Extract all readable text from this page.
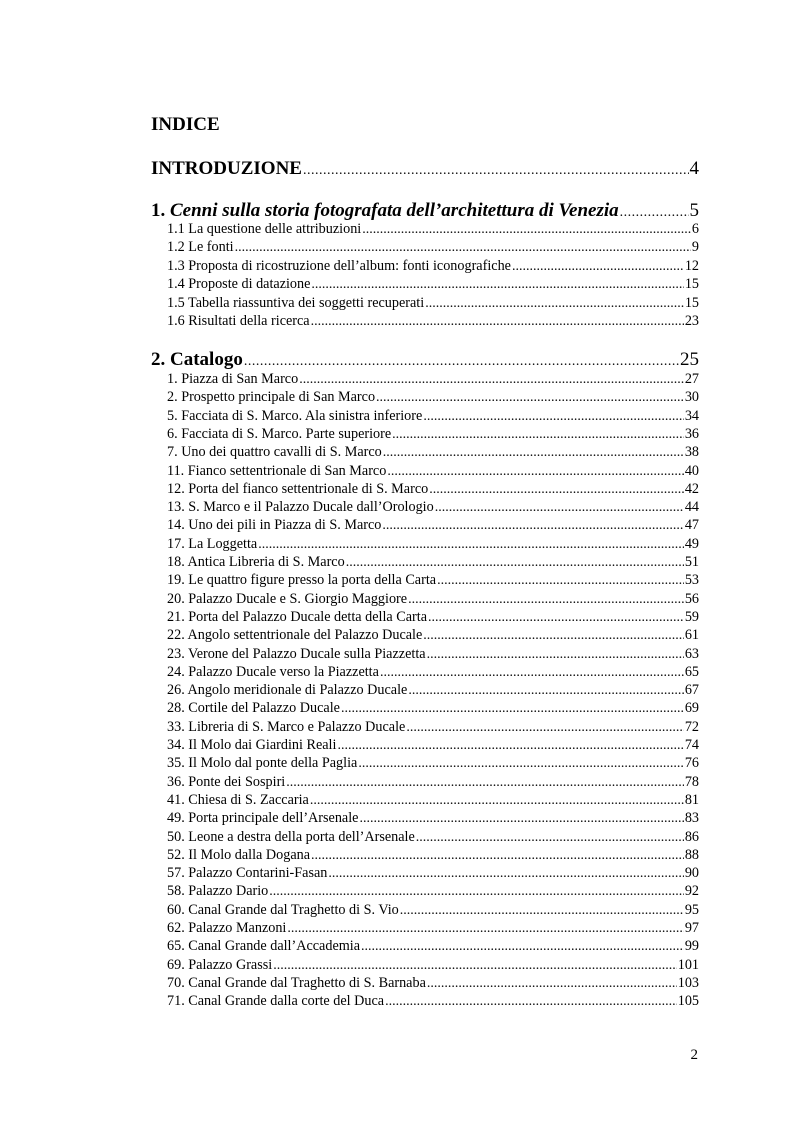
INDICE
INTRODUZIONE .....	4
1. Cenni sulla storia fotografata dell’architettura di Venezia .....	5
1.1 La questione delle attribuzioni .....	6
1.2 Le fonti .....	9
1.3 Proposta di ricostruzione dell’album: fonti iconografiche .....	12
1.4 Proposte di datazione .....	15
1.5 Tabella riassuntiva dei soggetti recuperati .....	15
1.6 Risultati della ricerca .....	23
2. Catalogo .....	25
1. Piazza di San Marco .....	27
2. Prospetto principale di San Marco .....	30
5. Facciata di S. Marco. Ala sinistra inferiore .....	34
6. Facciata di S. Marco. Parte superiore .....	36
7. Uno dei quattro cavalli di S. Marco .....	38
11. Fianco settentrionale di San Marco .....	40
12. Porta del fianco settentrionale di S. Marco .....	42
13. S. Marco e il Palazzo Ducale dall’Orologio .....	44
14. Uno dei pili in Piazza di S. Marco .....	47
17. La Loggetta .....	49
18. Antica Libreria di S. Marco .....	51
19. Le quattro figure presso la porta della Carta .....	53
20. Palazzo Ducale e S. Giorgio Maggiore .....	56
21. Porta del Palazzo Ducale detta della Carta .....	59
22. Angolo settentrionale del Palazzo Ducale .....	61
23. Verone del Palazzo Ducale sulla Piazzetta .....	63
24. Palazzo Ducale verso la Piazzetta .....	65
26. Angolo meridionale di Palazzo Ducale .....	67
28. Cortile del Palazzo Ducale .....	69
33. Libreria di S. Marco e Palazzo Ducale .....	72
34. Il Molo dai Giardini Reali .....	74
35. Il Molo dal ponte della Paglia .....	76
36. Ponte dei Sospiri .....	78
41. Chiesa di S. Zaccaria .....	81
49. Porta principale dell’Arsenale .....	83
50. Leone a destra della porta dell’Arsenale .....	86
52. Il Molo dalla Dogana .....	88
57. Palazzo Contarini-Fasan .....	90
58. Palazzo Dario .....	92
60. Canal Grande dal Traghetto di S. Vio .....	95
62. Palazzo Manzoni .....	97
65. Canal Grande dall’Accademia .....	99
69. Palazzo Grassi .....	101
70. Canal Grande dal Traghetto di S. Barnaba .....	103
71. Canal Grande dalla corte del Duca .....	105
2
